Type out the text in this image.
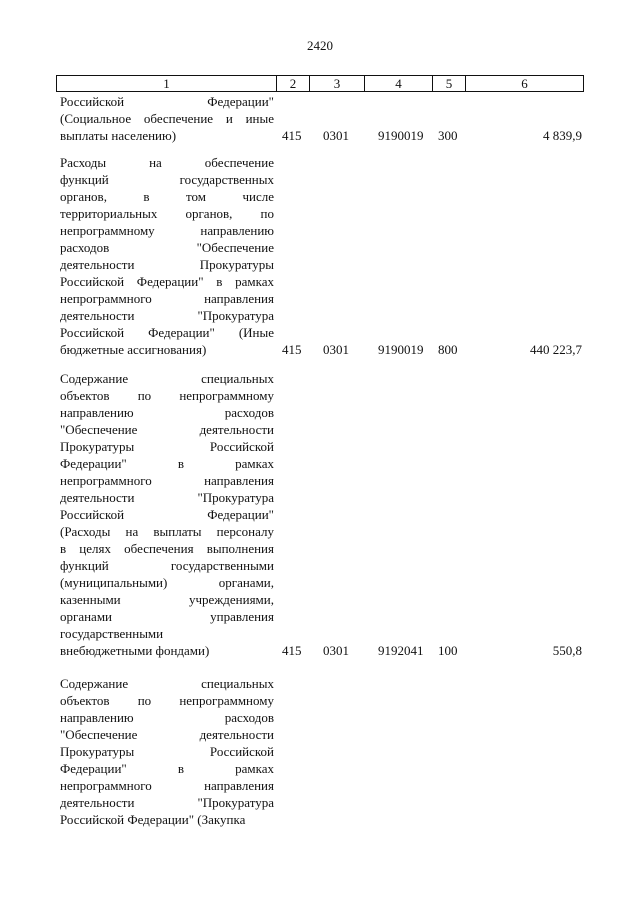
2420
1	2	3	4	5	6
Российской Федерации"
(Социальное обеспечение и иные
выплаты населению)	415 0301 9190019 300	4 839,9
Расходы на обеспечение
функций государственных
органов, в том числе
территориальных органов, по
непрограммному направлению
расходов "Обеспечение
деятельности Прокуратуры
Российской Федерации" в рамках
непрограммного направления
деятельности "Прокуратура
Российской Федерации" (Иные
бюджетные ассигнования)	415 0301 9190019 800	440 223,7
Содержание специальных
объектов по непрограммному
направлению расходов
"Обеспечение деятельности
Прокуратуры Российской
Федерации" в рамках
непрограммного направления
деятельности "Прокуратура
Российской Федерации"
(Расходы на выплаты персоналу
в целях обеспечения выполнения
функций государственными
(муниципальными) органами,
казенными учреждениями,
органами управления
государственными
внебюджетными фондами)	415 0301 9192041 100	550,8
Содержание специальных
объектов по непрограммному
направлению расходов
"Обеспечение деятельности
Прокуратуры Российской
Федерации" в рамках
непрограммного направления
деятельности "Прокуратура
Российской Федерации" (Закупка
